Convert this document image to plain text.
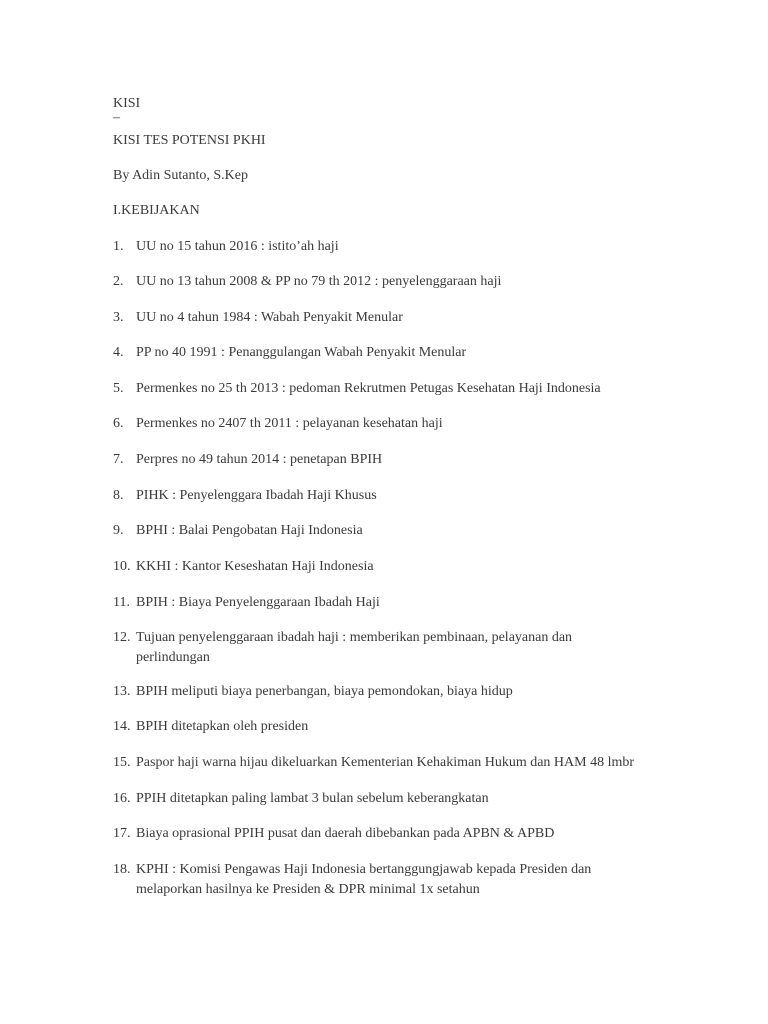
KISI
–
KISI TES POTENSI PKHI
By Adin Sutanto, S.Kep
I.KEBIJAKAN
1. UU no 15 tahun 2016 : istito’ah haji
2. UU no 13 tahun 2008 & PP no 79 th 2012 : penyelenggaraan haji
3. UU no 4 tahun 1984 : Wabah Penyakit Menular
4. PP no 40 1991 : Penanggulangan Wabah Penyakit Menular
5. Permenkes no 25 th 2013 : pedoman Rekrutmen Petugas Kesehatan Haji Indonesia
6. Permenkes no 2407 th 2011 : pelayanan kesehatan haji
7. Perpres no 49 tahun 2014 : penetapan BPIH
8. PIHK : Penyelenggara Ibadah Haji Khusus
9. BPHI : Balai Pengobatan Haji Indonesia
10. KKHI : Kantor Keseshatan Haji Indonesia
11. BPIH : Biaya Penyelenggaraan Ibadah Haji
12. Tujuan penyelenggaraan ibadah haji : memberikan pembinaan, pelayanan dan
perlindungan
13. BPIH meliputi biaya penerbangan, biaya pemondokan, biaya hidup
14. BPIH ditetapkan oleh presiden
15. Paspor haji warna hijau dikeluarkan Kementerian Kehakiman Hukum dan HAM 48 lmbr
16. PPIH ditetapkan paling lambat 3 bulan sebelum keberangkatan
17. Biaya oprasional PPIH pusat dan daerah dibebankan pada APBN & APBD
18. KPHI : Komisi Pengawas Haji Indonesia bertanggungjawab kepada Presiden dan
melaporkan hasilnya ke Presiden & DPR minimal 1x setahun
